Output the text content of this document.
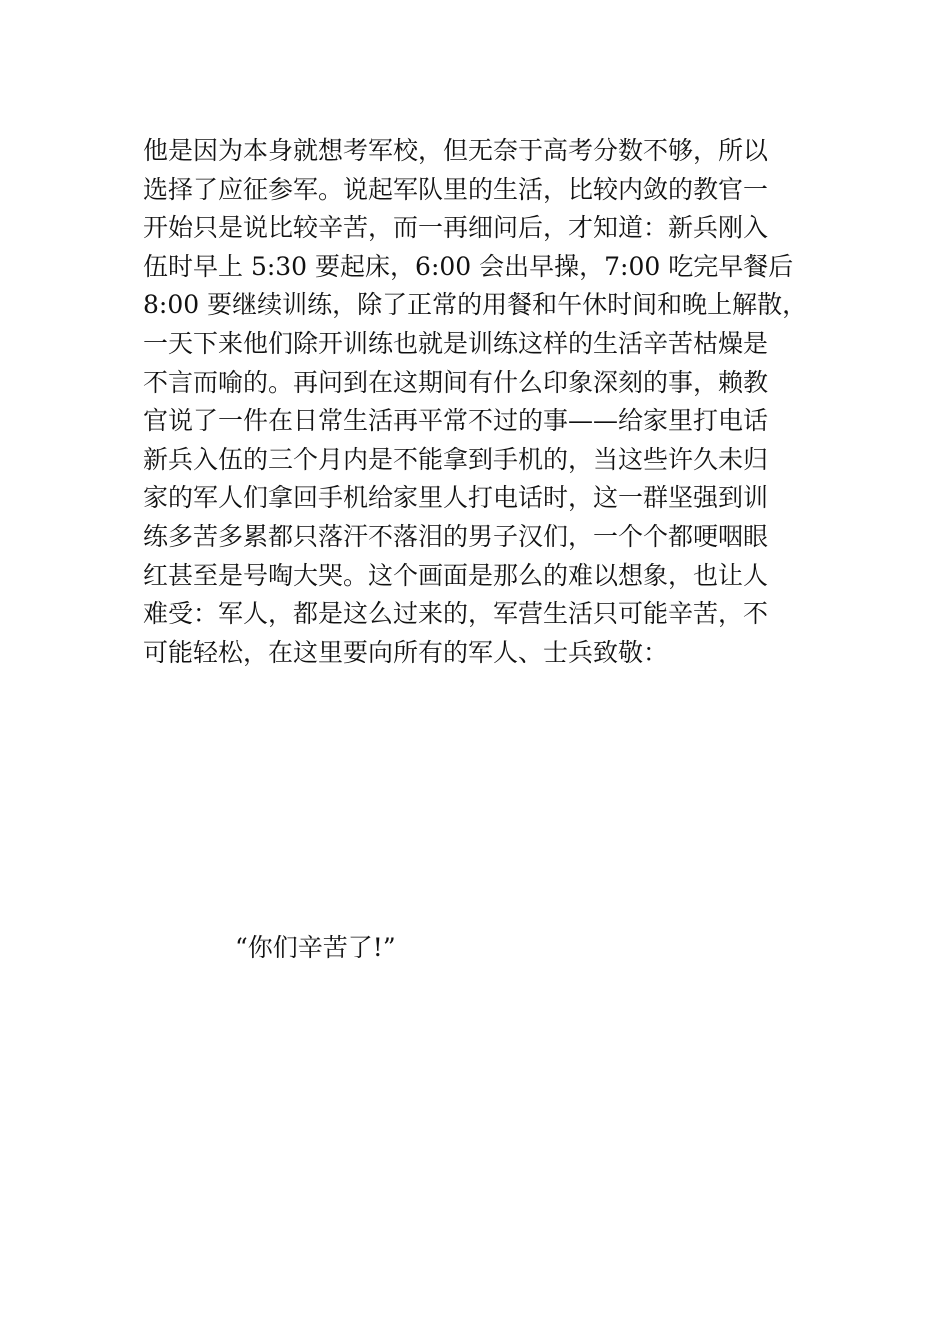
他是因为本身就想考军校，但无奈于高考分数不够，所以
选择了应征参军。说起军队里的生活，比较内敛的教官一
开始只是说比较辛苦，而一再细问后，才知道：新兵刚入
伍时早上 5:30 要起床，6:00 会出早操，7:00 吃完早餐后
8:00 要继续训练，除了正常的用餐和午休时间和晚上解散，
一天下来他们除开训练也就是训练这样的生活辛苦枯燥是
不言而喻的。再问到在这期间有什么印象深刻的事，赖教
官说了一件在日常生活再平常不过的事——给家里打电话
新兵入伍的三个月内是不能拿到手机的，当这些许久未归
家的军人们拿回手机给家里人打电话时，这一群坚强到训
练多苦多累都只落汗不落泪的男子汉们，一个个都哽咽眼
红甚至是号啕大哭。这个画面是那么的难以想象，也让人
难受：军人，都是这么过来的，军营生活只可能辛苦，不
可能轻松，在这里要向所有的军人、士兵致敬：

“你们辛苦了!”
